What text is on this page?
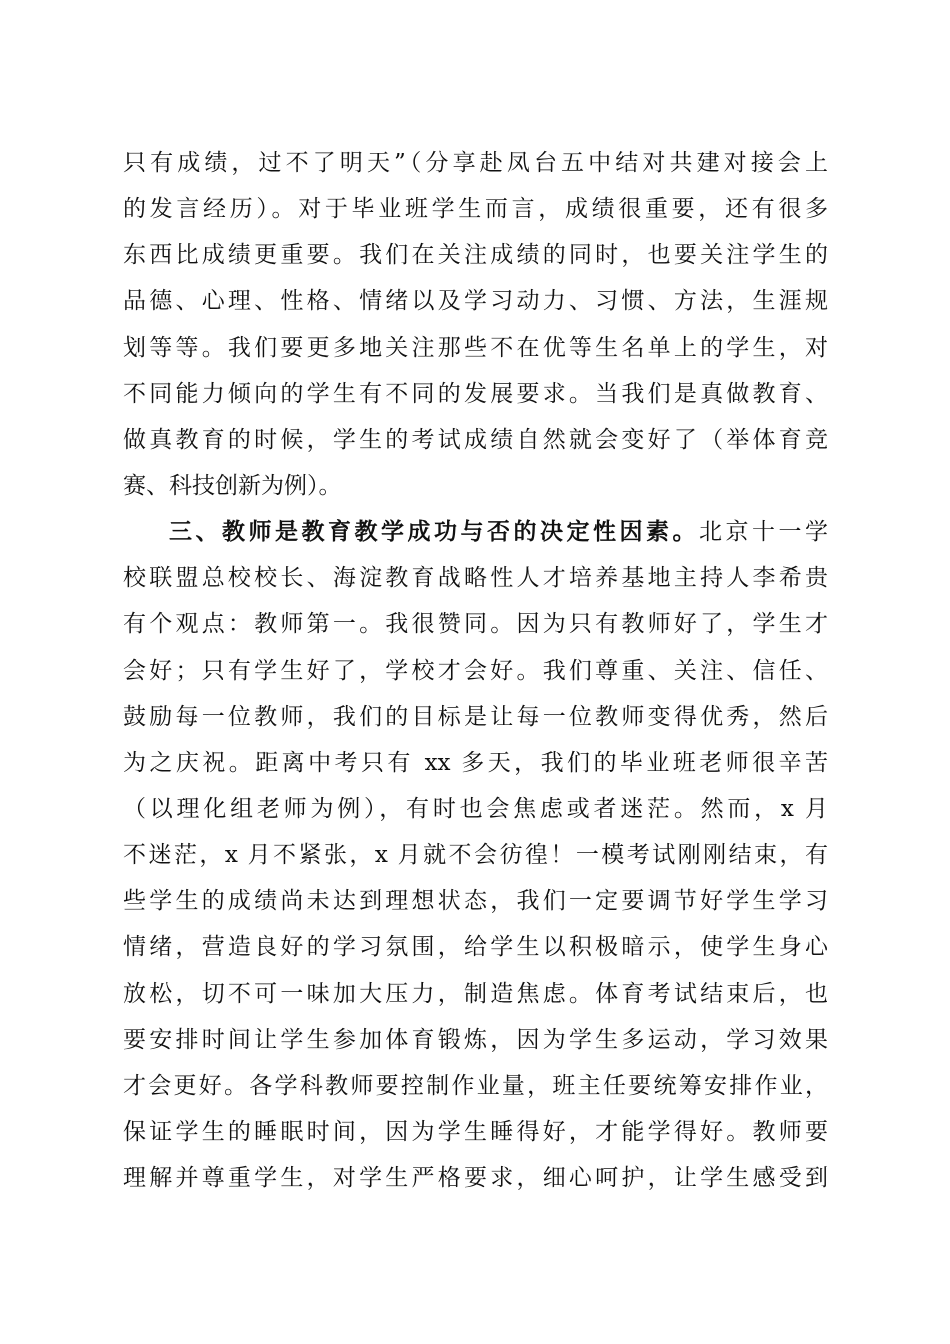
只有成绩，过不了明天”（分享赴凤台五中结对共建对接会上
的发言经历）。对于毕业班学生而言，成绩很重要，还有很多
东西比成绩更重要。我们在关注成绩的同时，也要关注学生的
品德、心理、性格、情绪以及学习动力、习惯、方法，生涯规
划等等。我们要更多地关注那些不在优等生名单上的学生，对
不同能力倾向的学生有不同的发展要求。当我们是真做教育、
做真教育的时候，学生的考试成绩自然就会变好了（举体育竞
赛、科技创新为例）。
三、教师是教育教学成功与否的决定性因素。北京十一学
校联盟总校校长、海淀教育战略性人才培养基地主持人李希贵
有个观点：教师第一。我很赞同。因为只有教师好了，学生才
会好；只有学生好了，学校才会好。我们尊重、关注、信任、
鼓励每一位教师，我们的目标是让每一位教师变得优秀，然后
为之庆祝。距离中考只有 xx 多天，我们的毕业班老师很辛苦
（以理化组老师为例），有时也会焦虑或者迷茫。然而，x 月
不迷茫，x 月不紧张，x 月就不会彷徨！一模考试刚刚结束，有
些学生的成绩尚未达到理想状态，我们一定要调节好学生学习
情绪，营造良好的学习氛围，给学生以积极暗示，使学生身心
放松，切不可一味加大压力，制造焦虑。体育考试结束后，也
要安排时间让学生参加体育锻炼，因为学生多运动，学习效果
才会更好。各学科教师要控制作业量，班主任要统筹安排作业，
保证学生的睡眠时间，因为学生睡得好，才能学得好。教师要
理解并尊重学生，对学生严格要求，细心呵护，让学生感受到
